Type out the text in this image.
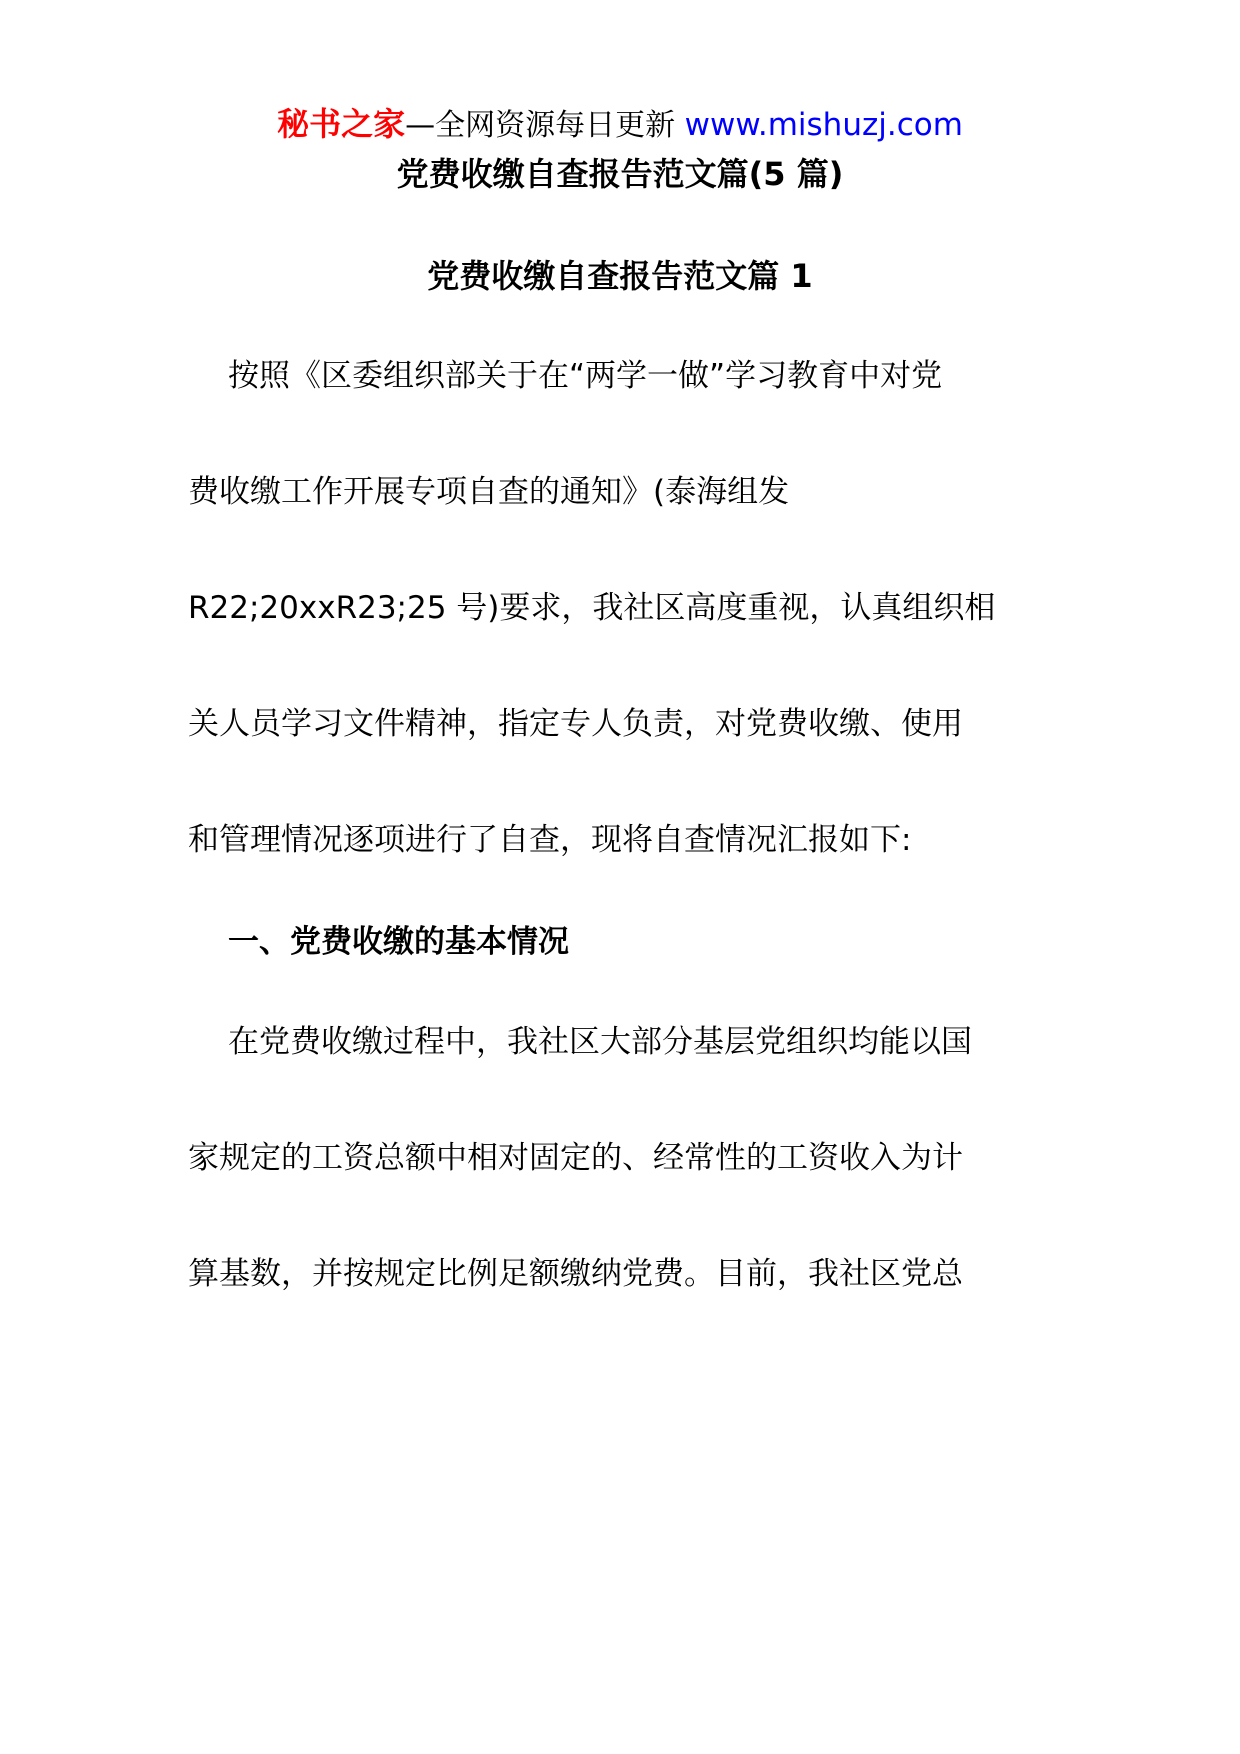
秘书之家—全网资源每日更新 www.mishuzj.com
党费收缴自查报告范文篇(5 篇)
党费收缴自查报告范文篇 1
按照《区委组织部关于在“两学一做”学习教育中对党
费收缴工作开展专项自查的通知》(泰海组发
R22;20xxR23;25 号)要求，我社区高度重视，认真组织相
关人员学习文件精神，指定专人负责，对党费收缴、使用
和管理情况逐项进行了自查，现将自查情况汇报如下:
一、党费收缴的基本情况
在党费收缴过程中，我社区大部分基层党组织均能以国
家规定的工资总额中相对固定的、经常性的工资收入为计
算基数，并按规定比例足额缴纳党费。目前，我社区党总
